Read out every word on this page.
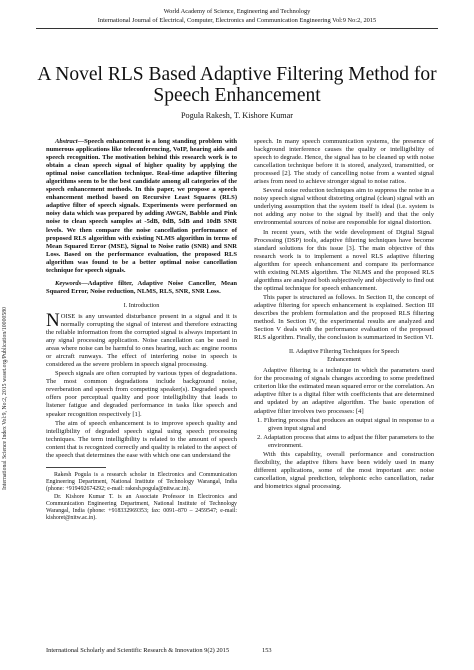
World Academy of Science, Engineering and Technology
International Journal of Electrical, Computer, Electronics and Communication Engineering Vol:9 No:2, 2015
A Novel RLS Based Adaptive Filtering Method for
Speech Enhancement
Pogula Rakesh, T. Kishore Kumar
International Science Index Vol:9, No:2, 2015 waset.org/Publication/10000580

Abstract—Speech enhancement is a long standing problem with numerous applications like teleconferencing, VoIP, hearing aids and speech recognition. The motivation behind this research work is to obtain a clean speech signal of higher quality by applying the optimal noise cancellation technique. Real-time adaptive filtering algorithms seem to be the best candidate among all categories of the speech enhancement methods. In this paper, we propose a speech enhancement method based on Recursive Least Squares (RLS) adaptive filter of speech signals. Experiments were performed on noisy data which was prepared by adding AWGN, Babble and Pink noise to clean speech samples at -5dB, 0dB, 5dB and 10dB SNR levels. We then compare the noise cancellation performance of proposed RLS algorithm with existing NLMS algorithm in terms of Mean Squared Error (MSE), Signal to Noise ratio (SNR) and SNR Loss. Based on the performance evaluation, the proposed RLS algorithm was found to be a better optimal noise cancellation technique for speech signals.

Keywords—Adaptive filter, Adaptive Noise Canceller, Mean Squared Error, Noise reduction, NLMS, RLS, SNR, SNR Loss.

I. Introduction

NOISE is any unwanted disturbance present in a signal and it is normally corrupting the signal of interest and therefore extracting the reliable information from the corrupted signal is always important in any signal processing application. Noise cancellation can be used in areas where noise can be harmful to ones hearing, such as: engine rooms or aircraft runways. The effect of interfering noise in speech is considered as the severe problem in speech signal processing.

Speech signals are often corrupted by various types of degradations. The most common degradations include background noise, reverberation and speech from competing speaker(s). Degraded speech offers poor perceptual quality and poor intelligibility that leads to listener fatigue and degraded performance in tasks like speech and speaker recognition respectively [1].

The aim of speech enhancement is to improve speech quality and intelligibility of degraded speech signal using speech processing techniques. The term intelligibility is related to the amount of speech content that is recognized correctly and quality is related to the aspect of the speech that determines the ease with which one can understand the

Rakesh Pogula is a research scholar in Electronics and Communication Engineering Department, National Institute of Technology Warangal, India (phone: +919492674292; e-mail: rakesh.pogula@nitw.ac.in).

Dr. Kishore Kumar T. is an Associate Professor in Electronics and Communication Engineering Department, National Institute of Technology Warangal, India (phone: +918332969353; fax: 0091–870 – 2459547; e-mail: kishoret@nitw.ac.in).

speech. In many speech communication systems, the presence of background interference causes the quality or intelligibility of speech to degrade. Hence, the signal has to be cleaned up with noise cancellation technique before it is stored, analyzed, transmitted, or processed [2]. The study of cancelling noise from a wanted signal arises from need to achieve stronger signal to noise ratios.

Several noise reduction techniques aim to suppress the noise in a noisy speech signal without distorting original (clean) signal with an underlying assumption that the system itself is ideal (i.e. system is not adding any noise to the signal by itself) and that the only environmental sources of noise are responsible for signal distortion.

In recent years, with the wide development of Digital Signal Processing (DSP) tools, adaptive filtering techniques have become standard solutions for this issue [3]. The main objective of this research work is to implement a novel RLS adaptive filtering algorithm for speech enhancement and compare its performance with existing NLMS algorithm. The NLMS and the proposed RLS algorithms are analyzed both subjectively and objectively to find out the optimal technique for speech enhancement.

This paper is structured as follows. In Section II, the concept of adaptive filtering for speech enhancement is explained. Section III describes the problem formulation and the proposed RLS filtering method. In Section IV, the experimental results are analyzed and Section V deals with the performance evaluation of the proposed RLS algorithm. Finally, the conclusion is summarized in Section VI.

II. Adaptive Filtering Techniques for Speech
Enhancement

Adaptive filtering is a technique in which the parameters used for the processing of signals changes according to some predefined criterion like the estimated mean squared error or the correlation. An adaptive filter is a digital filter with coefficients that are determined and updated by an adaptive algorithm. The basic operation of adaptive filter involves two processes: [4]

1. Filtering process that produces an output signal in response to a given input signal and

2. Adaptation process that aims to adjust the filter parameters to the environment.

With this capability, overall performance and construction flexibility, the adaptive filters have been widely used in many different applications, some of the most important are: noise cancellation, signal prediction, telephonic echo cancellation, radar and biometrics signal processing.

International Scholarly and Scientific Research & Innovation 9(2) 2015	153
